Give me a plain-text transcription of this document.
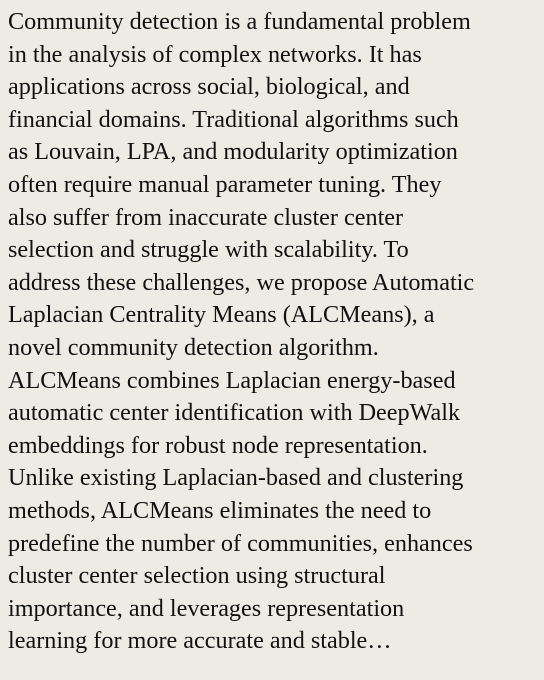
Community detection is a fundamental problem
in the analysis of complex networks. It has
applications across social, biological, and
financial domains. Traditional algorithms such
as Louvain, LPA, and modularity optimization
often require manual parameter tuning. They
also suffer from inaccurate cluster center
selection and struggle with scalability. To
address these challenges, we propose Automatic
Laplacian Centrality Means (ALCMeans), a
novel community detection algorithm.
ALCMeans combines Laplacian energy-based
automatic center identification with DeepWalk
embeddings for robust node representation.
Unlike existing Laplacian-based and clustering
methods, ALCMeans eliminates the need to
predefine the number of communities, enhances
cluster center selection using structural
importance, and leverages representation
learning for more accurate and stable…
